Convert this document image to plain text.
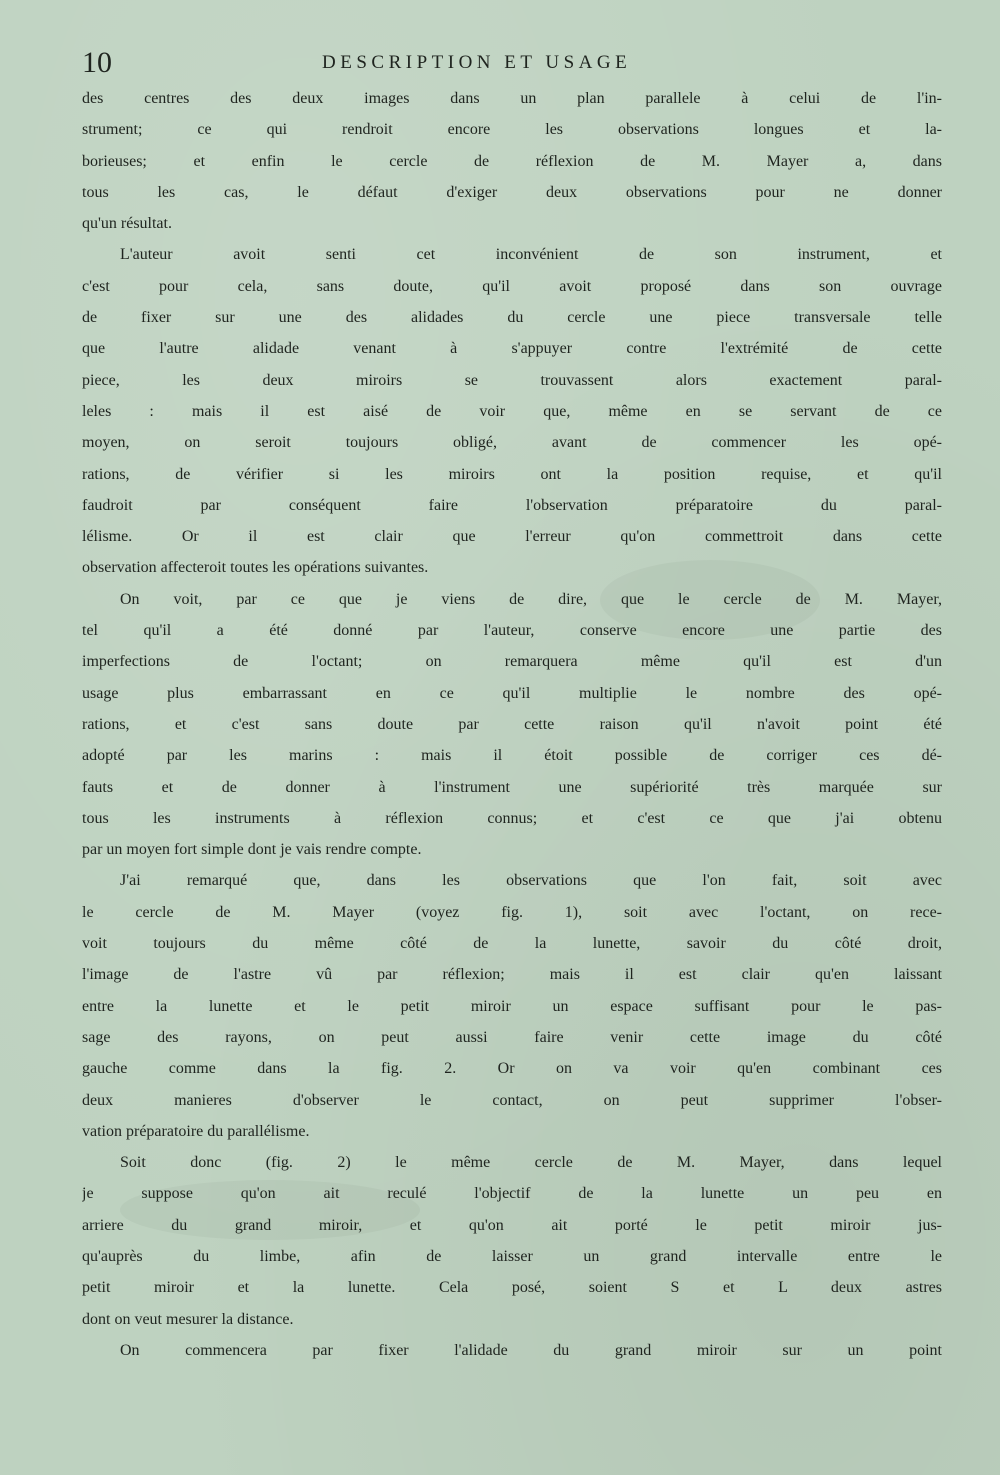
10	DESCRIPTION ET USAGE
des centres des deux images dans un plan parallele à celui de l'in-
strument; ce qui rendroit encore les observations longues et la-
borieuses; et enfin le cercle de réflexion de M. Mayer a, dans
tous les cas, le défaut d'exiger deux observations pour ne donner
qu'un résultat.
L'auteur avoit senti cet inconvénient de son instrument, et
c'est pour cela, sans doute, qu'il avoit proposé dans son ouvrage
de fixer sur une des alidades du cercle une piece transversale telle
que l'autre alidade venant à s'appuyer contre l'extrémité de cette
piece, les deux miroirs se trouvassent alors exactement paral-
leles : mais il est aisé de voir que, même en se servant de ce
moyen, on seroit toujours obligé, avant de commencer les opé-
rations, de vérifier si les miroirs ont la position requise, et qu'il
faudroit par conséquent faire l'observation préparatoire du paral-
lélisme. Or il est clair que l'erreur qu'on commettroit dans cette
observation affecteroit toutes les opérations suivantes.
On voit, par ce que je viens de dire, que le cercle de M. Mayer,
tel qu'il a été donné par l'auteur, conserve encore une partie des
imperfections de l'octant; on remarquera même qu'il est d'un
usage plus embarrassant en ce qu'il multiplie le nombre des opé-
rations, et c'est sans doute par cette raison qu'il n'avoit point été
adopté par les marins : mais il étoit possible de corriger ces dé-
fauts et de donner à l'instrument une supériorité très marquée sur
tous les instruments à réflexion connus; et c'est ce que j'ai obtenu
par un moyen fort simple dont je vais rendre compte.
J'ai remarqué que, dans les observations que l'on fait, soit avec
le cercle de M. Mayer (voyez fig. 1), soit avec l'octant, on rece-
voit toujours du même côté de la lunette, savoir du côté droit,
l'image de l'astre vû par réflexion; mais il est clair qu'en laissant
entre la lunette et le petit miroir un espace suffisant pour le pas-
sage des rayons, on peut aussi faire venir cette image du côté
gauche comme dans la fig. 2. Or on va voir qu'en combinant ces
deux manieres d'observer le contact, on peut supprimer l'obser-
vation préparatoire du parallélisme.
Soit donc (fig. 2) le même cercle de M. Mayer, dans lequel
je suppose qu'on ait reculé l'objectif de la lunette un peu en
arriere du grand miroir, et qu'on ait porté le petit miroir jus-
qu'auprès du limbe, afin de laisser un grand intervalle entre le
petit miroir et la lunette. Cela posé, soient S et L deux astres
dont on veut mesurer la distance.
On commencera par fixer l'alidade du grand miroir sur un point
